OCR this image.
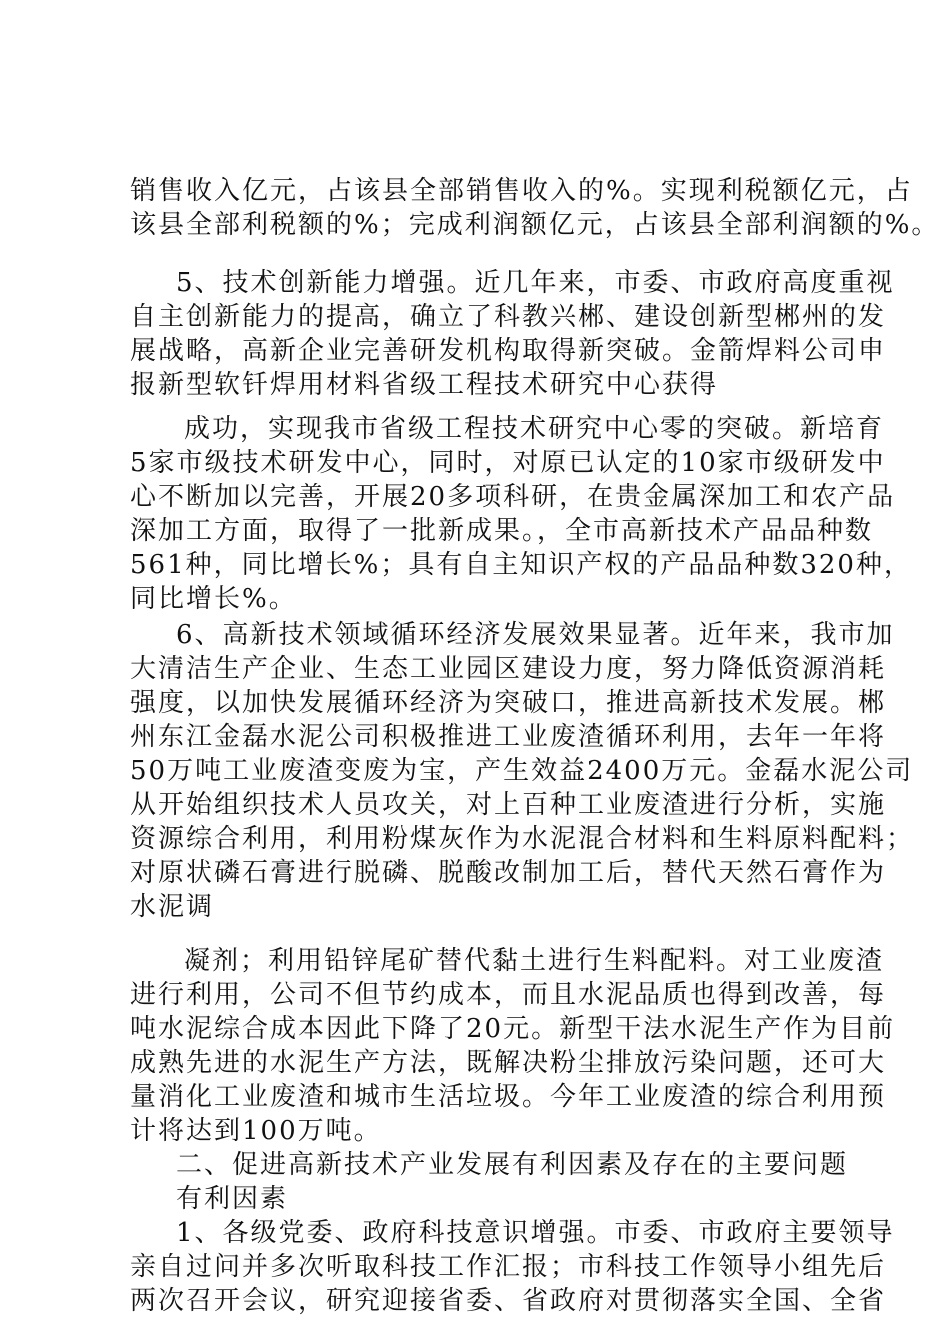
销售收入亿元，占该县全部销售收入的%。实现利税额亿元，占
该县全部利税额的%；完成利润额亿元，占该县全部利润额的%。
5、技术创新能力增强。近几年来，市委、市政府高度重视
自主创新能力的提高，确立了科教兴郴、建设创新型郴州的发
展战略，高新企业完善研发机构取得新突破。金箭焊料公司申
报新型软钎焊用材料省级工程技术研究中心获得
成功，实现我市省级工程技术研究中心零的突破。新培育
5家市级技术研发中心，同时，对原已认定的10家市级研发中
心不断加以完善，开展20多项科研，在贵金属深加工和农产品
深加工方面，取得了一批新成果。，全市高新技术产品品种数
561种，同比增长%；具有自主知识产权的产品品种数320种，
同比增长%。
6、高新技术领域循环经济发展效果显著。近年来，我市加
大清洁生产企业、生态工业园区建设力度，努力降低资源消耗
强度，以加快发展循环经济为突破口，推进高新技术发展。郴
州东江金磊水泥公司积极推进工业废渣循环利用，去年一年将
50万吨工业废渣变废为宝，产生效益2400万元。金磊水泥公司
从开始组织技术人员攻关，对上百种工业废渣进行分析，实施
资源综合利用，利用粉煤灰作为水泥混合材料和生料原料配料；
对原状磷石膏进行脱磷、脱酸改制加工后，替代天然石膏作为
水泥调
凝剂；利用铅锌尾矿替代黏土进行生料配料。对工业废渣
进行利用，公司不但节约成本，而且水泥品质也得到改善，每
吨水泥综合成本因此下降了20元。新型干法水泥生产作为目前
成熟先进的水泥生产方法，既解决粉尘排放污染问题，还可大
量消化工业废渣和城市生活垃圾。今年工业废渣的综合利用预
计将达到100万吨。
二、促进高新技术产业发展有利因素及存在的主要问题
有利因素
1、各级党委、政府科技意识增强。市委、市政府主要领导
亲自过问并多次听取科技工作汇报；市科技工作领导小组先后
两次召开会议，研究迎接省委、省政府对贯彻落实全国、全省
